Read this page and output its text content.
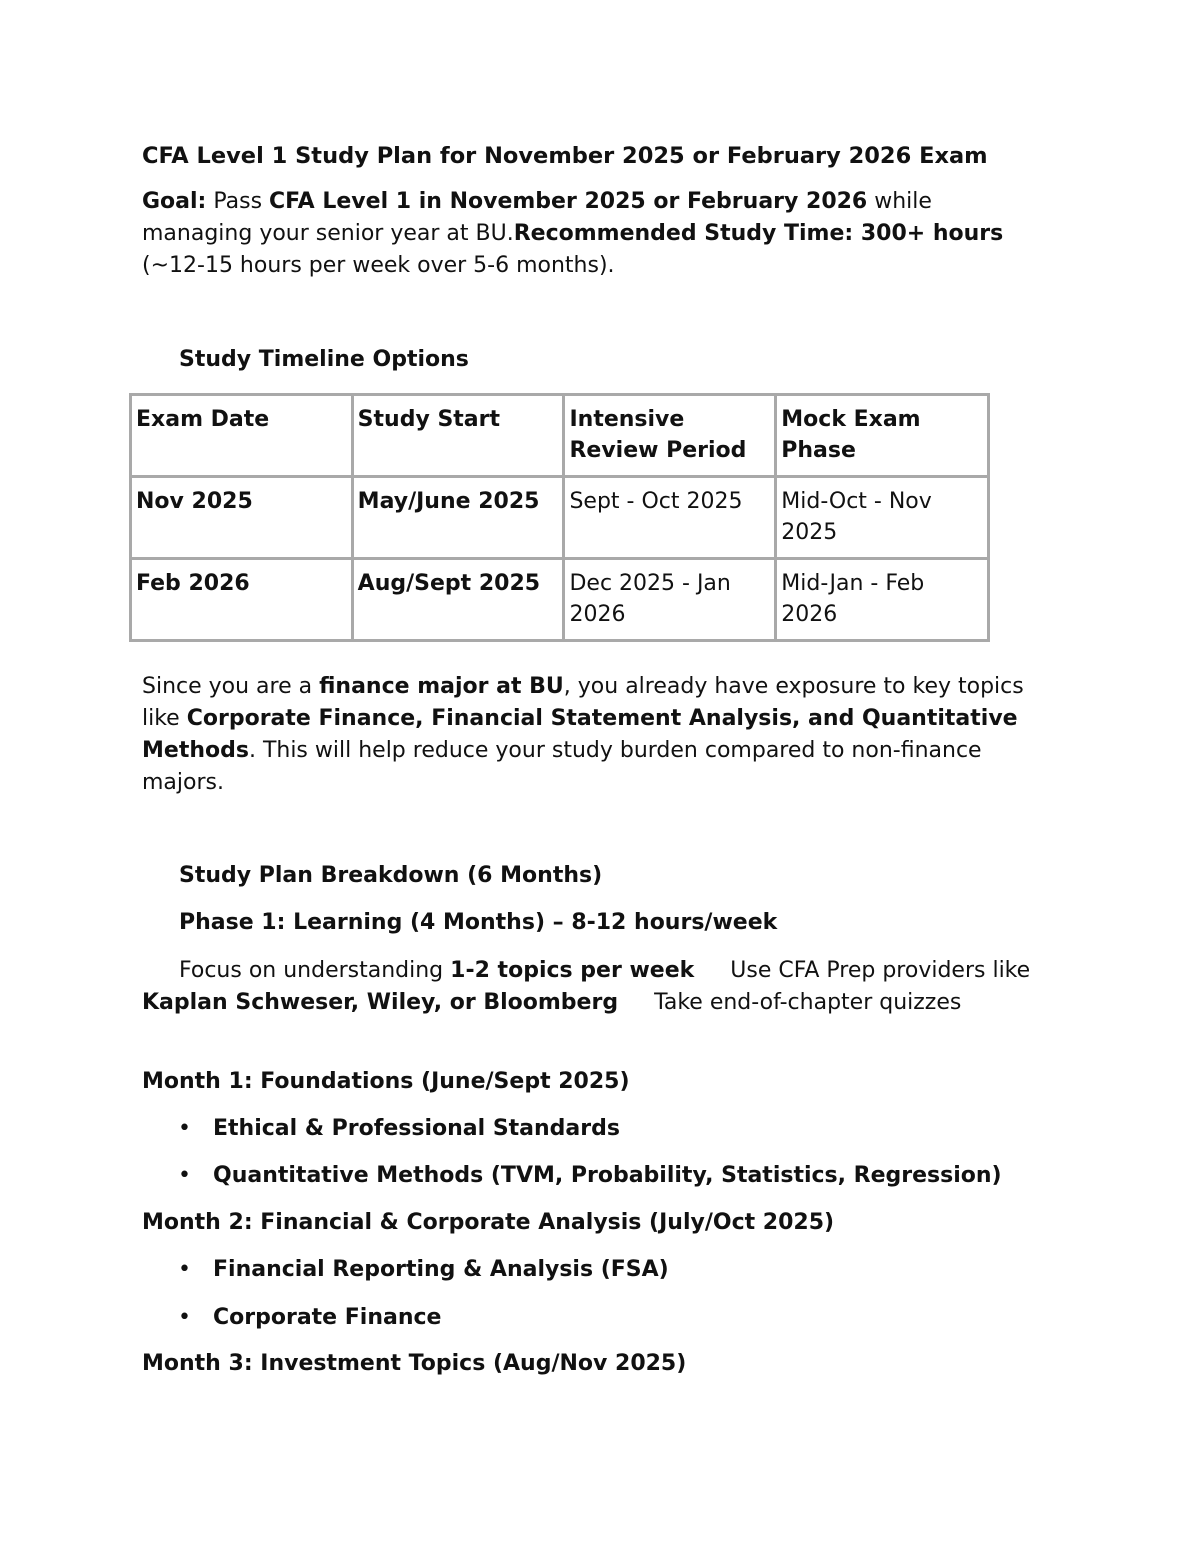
CFA Level 1 Study Plan for November 2025 or February 2026 Exam

Goal: Pass CFA Level 1 in November 2025 or February 2026 while managing your senior year at BU.Recommended Study Time: 300+ hours (~12-15 hours per week over 5-6 months).

Study Timeline Options

Exam Date	Study Start	Intensive Review Period	Mock Exam Phase
Nov 2025	May/June 2025	Sept - Oct 2025	Mid-Oct - Nov 2025
Feb 2026	Aug/Sept 2025	Dec 2025 - Jan 2026	Mid-Jan - Feb 2026

Since you are a finance major at BU, you already have exposure to key topics like Corporate Finance, Financial Statement Analysis, and Quantitative Methods. This will help reduce your study burden compared to non-finance majors.

Study Plan Breakdown (6 Months)

Phase 1: Learning (4 Months) – 8-12 hours/week

Focus on understanding 1-2 topics per week Use CFA Prep providers like Kaplan Schweser, Wiley, or Bloomberg Take end-of-chapter quizzes

Month 1: Foundations (June/Sept 2025)

• Ethical & Professional Standards

• Quantitative Methods (TVM, Probability, Statistics, Regression)

Month 2: Financial & Corporate Analysis (July/Oct 2025)

• Financial Reporting & Analysis (FSA)

• Corporate Finance

Month 3: Investment Topics (Aug/Nov 2025)
